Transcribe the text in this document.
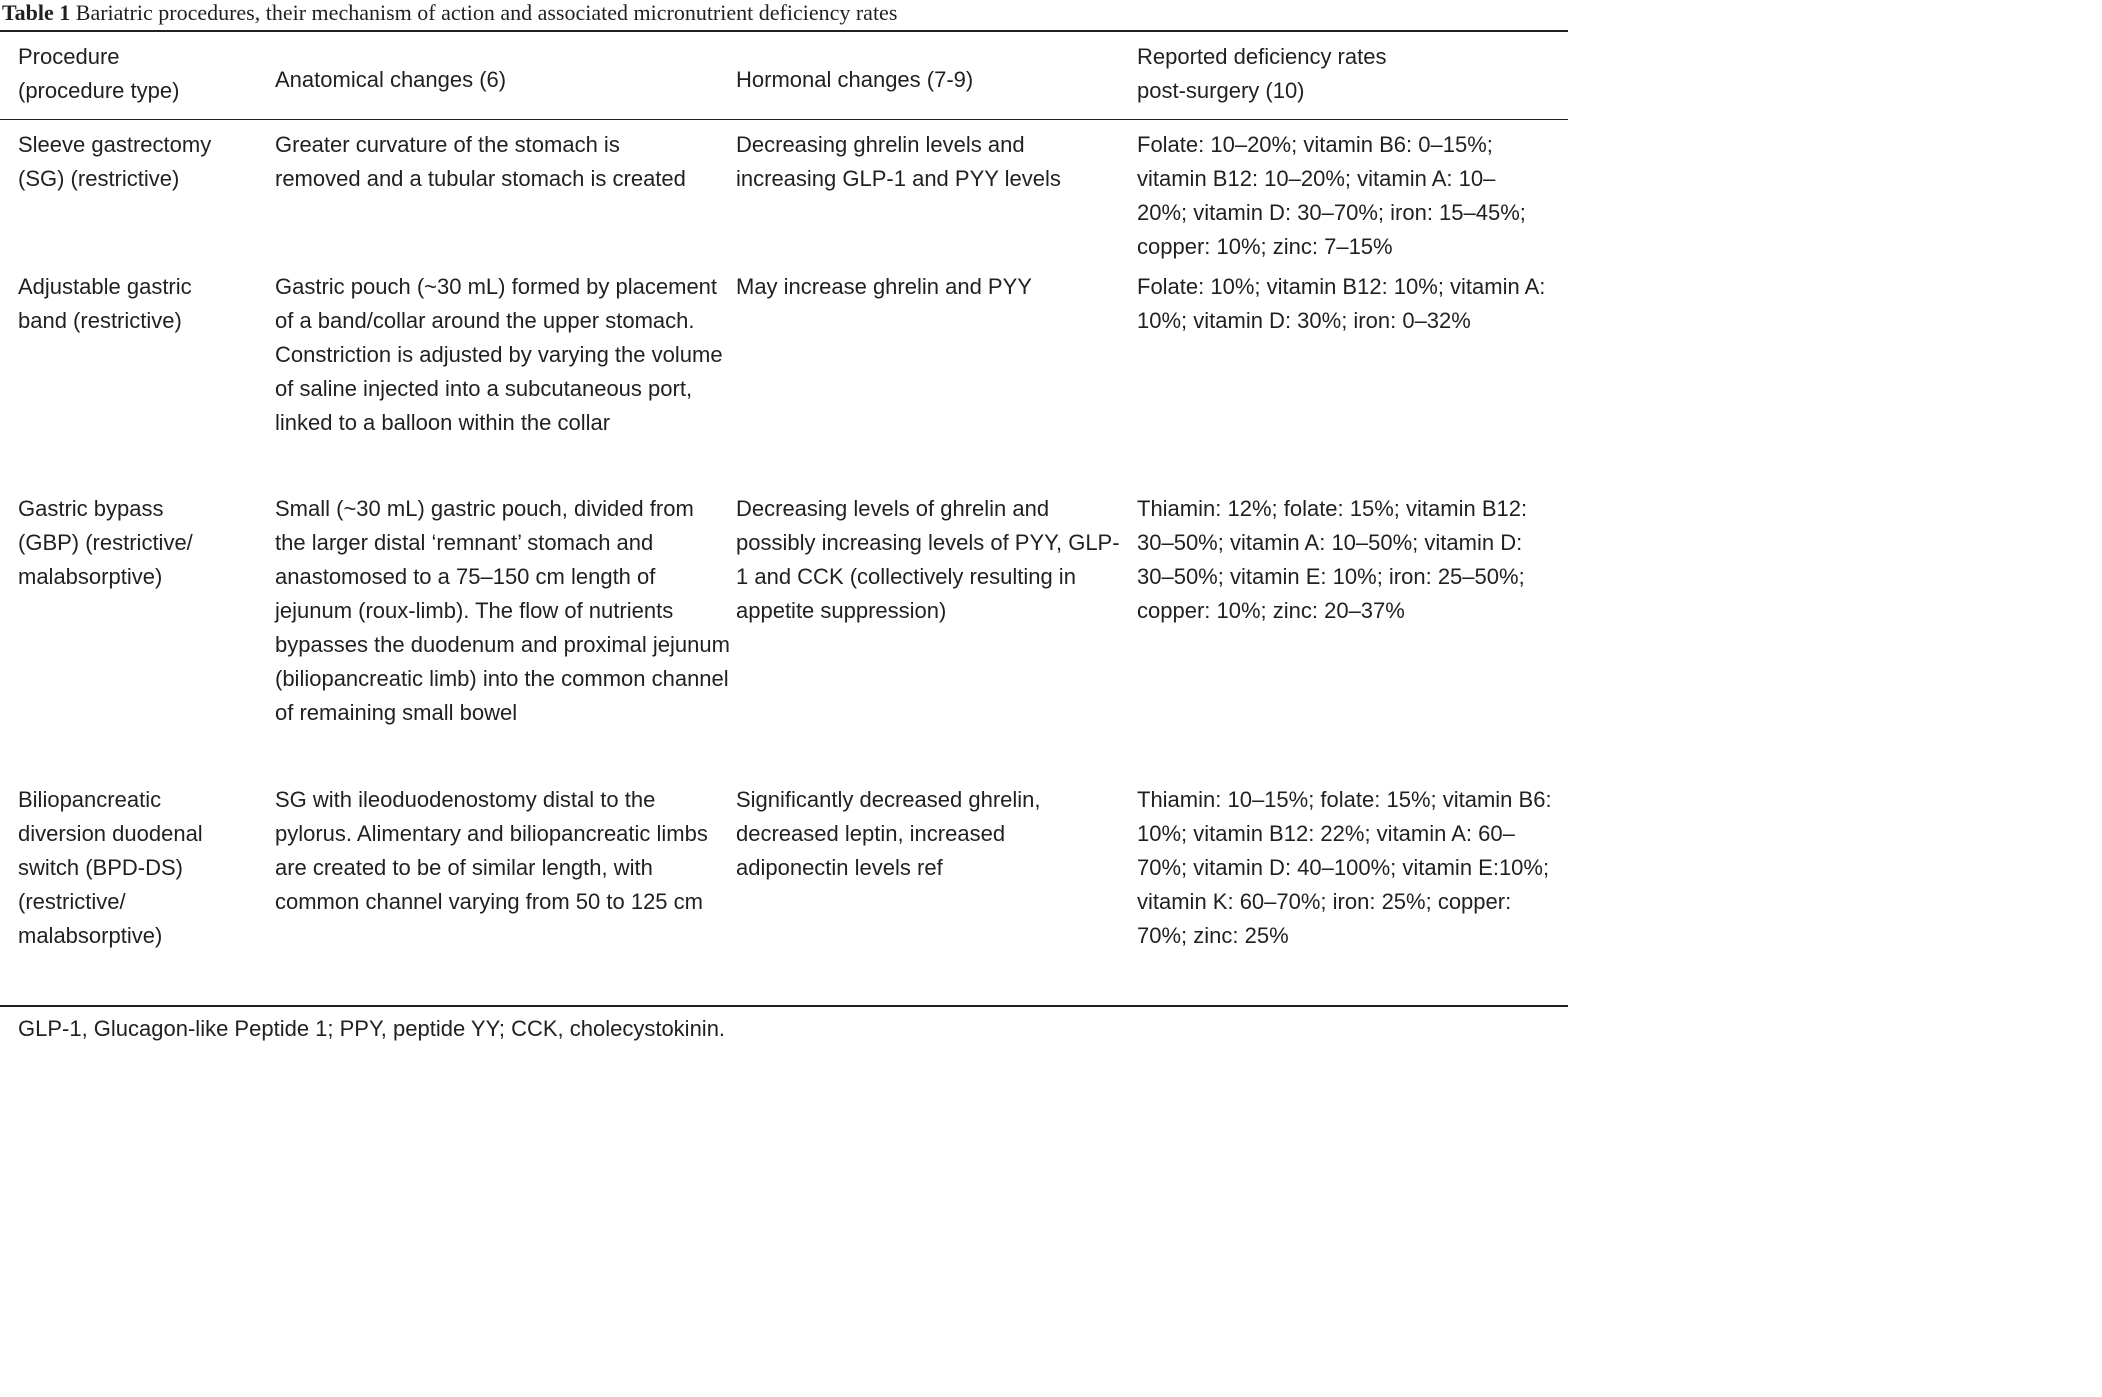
Table 1 Bariatric procedures, their mechanism of action and associated micronutrient deficiency rates
Procedure (procedure type)	Anatomical changes (6)	Hormonal changes (7-9)	Reported deficiency rates post-surgery (10)

Sleeve gastrectomy (SG) (restrictive)	Greater curvature of the stomach is removed and a tubular stomach is created	Decreasing ghrelin levels and increasing GLP-1 and PYY levels	Folate: 10–20%; vitamin B6: 0–15%; vitamin B12: 10–20%; vitamin A: 10–20%; vitamin D: 30–70%; iron: 15–45%; copper: 10%; zinc: 7–15%

Adjustable gastric band (restrictive)	Gastric pouch (~30 mL) formed by placement of a band/collar around the upper stomach. Constriction is adjusted by varying the volume of saline injected into a subcutaneous port, linked to a balloon within the collar	May increase ghrelin and PYY	Folate: 10%; vitamin B12: 10%; vitamin A: 10%; vitamin D: 30%; iron: 0–32%

Gastric bypass (GBP) (restrictive/ malabsorptive)	Small (~30 mL) gastric pouch, divided from the larger distal ‘remnant’ stomach and anastomosed to a 75–150 cm length of jejunum (roux-limb). The flow of nutrients bypasses the duodenum and proximal jejunum (biliopancreatic limb) into the common channel of remaining small bowel	Decreasing levels of ghrelin and possibly increasing levels of PYY, GLP-1 and CCK (collectively resulting in appetite suppression)	Thiamin: 12%; folate: 15%; vitamin B12: 30–50%; vitamin A: 10–50%; vitamin D: 30–50%; vitamin E: 10%; iron: 25–50%; copper: 10%; zinc: 20–37%

Biliopancreatic diversion duodenal switch (BPD-DS) (restrictive/ malabsorptive)	SG with ileoduodenostomy distal to the pylorus. Alimentary and biliopancreatic limbs are created to be of similar length, with common channel varying from 50 to 125 cm	Significantly decreased ghrelin, decreased leptin, increased adiponectin levels ref	Thiamin: 10–15%; folate: 15%; vitamin B6: 10%; vitamin B12: 22%; vitamin A: 60–70%; vitamin D: 40–100%; vitamin E:10%; vitamin K: 60–70%; iron: 25%; copper: 70%; zinc: 25%
GLP-1, Glucagon-like Peptide 1; PPY, peptide YY; CCK, cholecystokinin.
